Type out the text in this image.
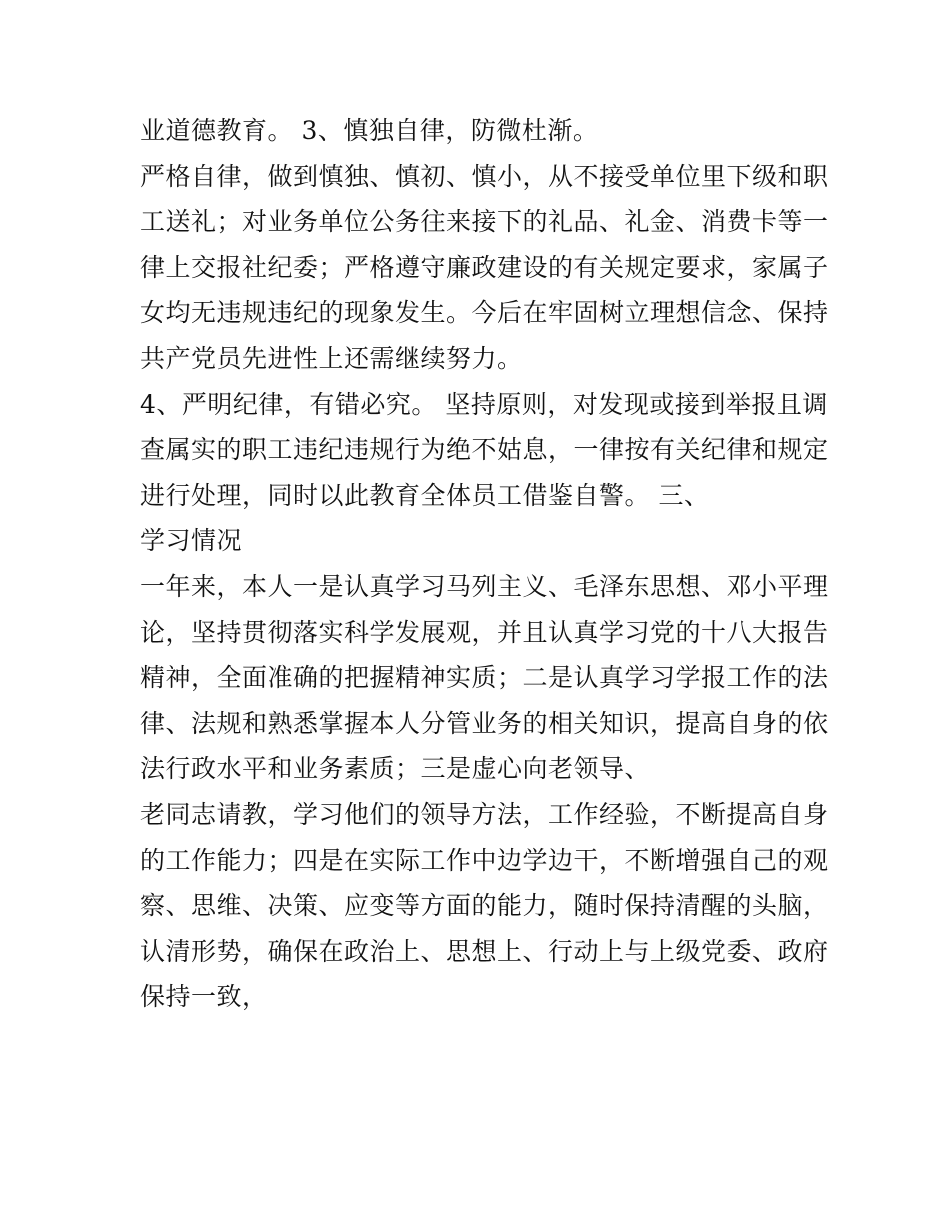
业道德教育。 3、慎独自律，防微杜渐。
严格自律，做到慎独、慎初、慎小，从不接受单位里下级和职
工送礼；对业务单位公务往来接下的礼品、礼金、消费卡等一
律上交报社纪委；严格遵守廉政建设的有关规定要求，家属子
女均无违规违纪的现象发生。今后在牢固树立理想信念、保持
共产党员先进性上还需继续努力。
4、严明纪律，有错必究。 坚持原则，对发现或接到举报且调
查属实的职工违纪违规行为绝不姑息，一律按有关纪律和规定
进行处理，同时以此教育全体员工借鉴自警。 三、
学习情况
一年来，本人一是认真学习马列主义、毛泽东思想、邓小平理
论，坚持贯彻落实科学发展观，并且认真学习党的十八大报告
精神，全面准确的把握精神实质；二是认真学习学报工作的法
律、法规和熟悉掌握本人分管业务的相关知识，提高自身的依
法行政水平和业务素质；三是虚心向老领导、
老同志请教，学习他们的领导方法，工作经验，不断提高自身
的工作能力；四是在实际工作中边学边干，不断增强自己的观
察、思维、决策、应变等方面的能力，随时保持清醒的头脑，
认清形势，确保在政治上、思想上、行动上与上级党委、政府
保持一致，
